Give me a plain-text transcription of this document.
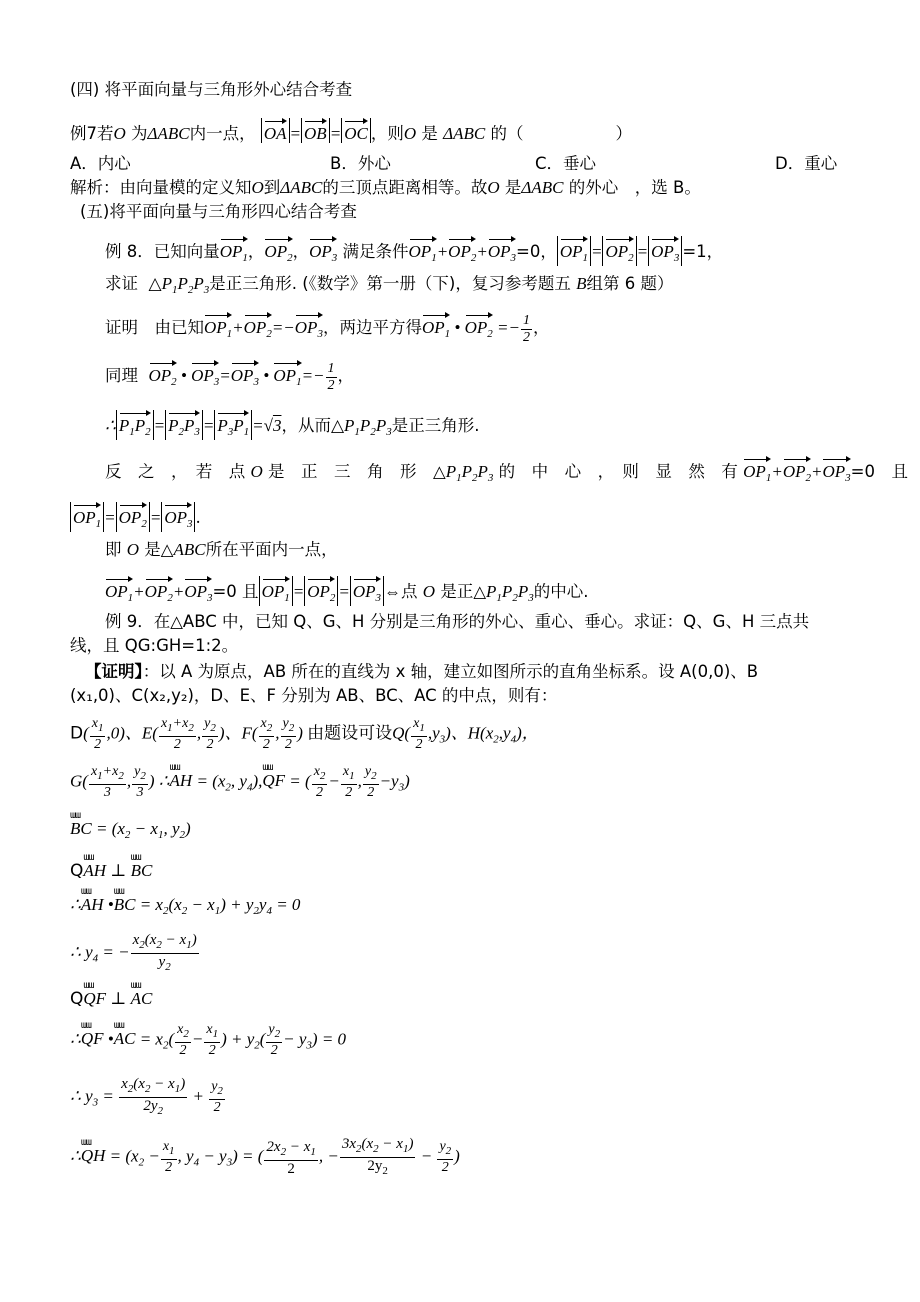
(四) 将平面向量与三角形外心结合考查
例7若O 为ΔABC内一点， OA = OB = OC ，则O 是 ΔABC 的（	）
A．内心	B．外心	C．垂心	D．重心
解析：由向量模的定义知O到ΔABC的三顶点距离相等。故O 是ΔABC 的外心　，选 B。
(五)将平面向量与三角形四心结合考查
例 8．已知向量$OP_1$，$OP_2$，$OP_3$ 满足条件$OP_1+OP_2+OP_3=0$， $OP_1 = OP_2 = OP_3 =1$，
求证 $\triangle P_1P_2P_3$是正三角形. (《数学》第一册（下)，复习参考题五 B组第 6 题）
证明　由已知$OP_1+OP_2=-OP_3$，两边平方得$OP_1$ • $OP_2 =- \frac{1}{2}$ ，
同理 $OP_2$ • $OP_3=OP_3$ • $OP_1=- \frac{1}{2}$ ，
∴ $P_1P_2 = P_2P_3 = P_3P_1 =√3$，从而$\triangle P_1P_2P_3$是正三角形.
反　之　，　若　点 O 是　正　三　角　形　$\triangle P_1P_2P_3$ 的　中　心　，　则　显　然　有 $OP_1+OP_2+OP_3=0$　且
$OP_1 = OP_2 = OP_3$ .
即 O 是△ABC所在平面内一点，
$OP_1+OP_2+OP_3=0$ 且 $OP_1 = OP_2 = OP_3$ ⇔点 O 是正$\triangle P_1P_2P_3$的中心.
例 9．在△ABC 中，已知 Q、G、H 分别是三角形的外心、重心、垂心。求证：Q、G、H 三点共
线，且 QG:GH=1:2。
【证明】：以 A 为原点，AB 所在的直线为 x 轴，建立如图所示的直角坐标系。设 A(0,0)、B
(x₁,0)、C(x₂,y₂)，D、E、F 分别为 AB、BC、AC 的中点，则有：
$D( \frac{x_1}{2} ,0)$、$E( \frac{x_1+x_2}{2}$ , $\frac{y_2}{2}$ )、$F( \frac{x_2}{2}$ , $\frac{y_2}{2}$ ) 由题设可设$Q( \frac{x_1}{2} ,y_3)$、$H(x_2,y_4)$，
$G( \frac{x_1+x_2}{3}$ , $\frac{y_2}{3}$ ) ∴
ɯɯ
AH = ($x_2$, $y_4$),
ɯɯ
QF = ( $\frac{x_2}{2} - \frac{x_1}{2}$ , $\frac{y_2}{2} -y_3$)
ɯɯ
BC = ($x_2 - x_1$, $y_2$)
Q
ɯɯ
AH ⊥
ɯɯ
BC
∴
ɯɯ
AH •
ɯɯ
BC = $x_2(x_2 - x_1) + y_2y_4 = 0$
∴ $y_4$ = − $\frac{x_2(x_2 - x_1)}{y_2}$
Q
ɯɯ
QF ⊥
ɯɯ
AC
∴
ɯɯ
QF •
ɯɯ
AC = $x_2( \frac{x_2}{2} - \frac{x_1}{2}$ ) + $y_2( \frac{y_2}{2} - y_3) = 0$
∴ $y_3 = \frac{x_2(x_2 - x_1)}{2y_2} + \frac{y_2}{2}$
∴
ɯɯ
QH = ($x_2 - \frac{x_1}{2}$ , $y_4 - y_3$) = ( $\frac{2x_2 - x_1}{2}$ , − $\frac{3x_2(x_2 - x_1)}{2y_2} - \frac{y_2}{2}$ )
